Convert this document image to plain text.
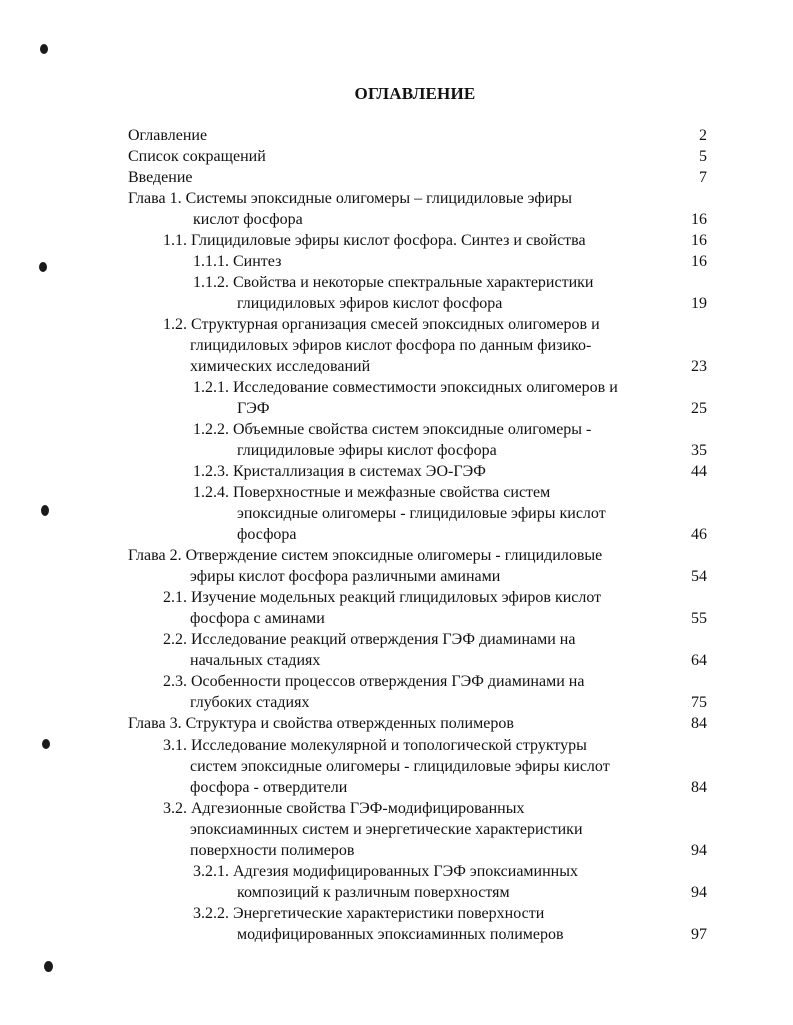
ОГЛАВЛЕНИЕ
Оглавление	2
Список сокращений	5
Введение	7
Глава 1. Системы эпоксидные олигомеры – глицидиловые эфиры
кислот фосфора	16
1.1. Глицидиловые эфиры кислот фосфора. Синтез и свойства	16
1.1.1. Синтез	16
1.1.2. Свойства и некоторые спектральные характеристики
глицидиловых эфиров кислот фосфора	19
1.2. Структурная организация смесей эпоксидных олигомеров и
глицидиловых эфиров кислот фосфора по данным физико-
химических исследований	23
1.2.1. Исследование совместимости эпоксидных олигомеров и
ГЭФ	25
1.2.2. Объемные свойства систем эпоксидные олигомеры -
глицидиловые эфиры кислот фосфора	35
1.2.3. Кристаллизация в системах ЭО-ГЭФ	44
1.2.4. Поверхностные и межфазные свойства систем
эпоксидные олигомеры - глицидиловые эфиры кислот
фосфора	46
Глава 2. Отверждение систем эпоксидные олигомеры - глицидиловые
эфиры кислот фосфора различными аминами	54
2.1. Изучение модельных реакций глицидиловых эфиров кислот
фосфора с аминами	55
2.2. Исследование реакций отверждения ГЭФ диаминами на
начальных стадиях	64
2.3. Особенности процессов отверждения ГЭФ диаминами на
глубоких стадиях	75
Глава 3. Структура и свойства отвержденных полимеров	84
3.1. Исследование молекулярной и топологической структуры
систем эпоксидные олигомеры - глицидиловые эфиры кислот
фосфора - отвердители	84
3.2. Адгезионные свойства ГЭФ-модифицированных
эпоксиаминных систем и энергетические характеристики
поверхности полимеров	94
3.2.1. Адгезия модифицированных ГЭФ эпоксиаминных
композиций к различным поверхностям	94
3.2.2. Энергетические характеристики поверхности
модифицированных эпоксиаминных полимеров	97
